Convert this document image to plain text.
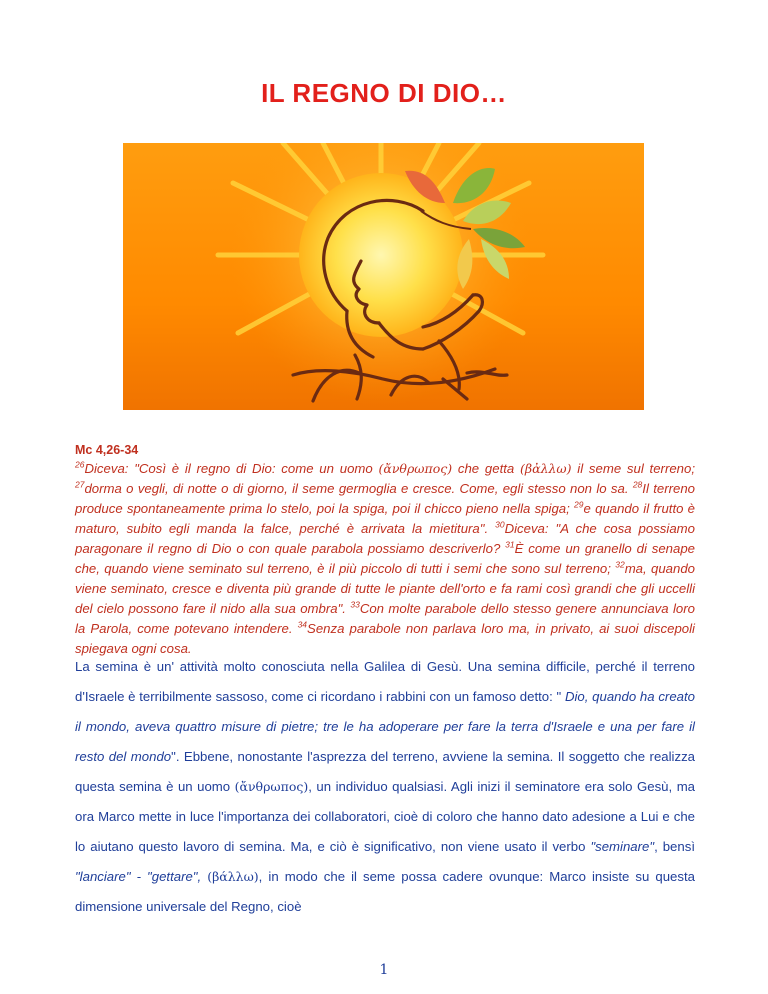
IL REGNO DI DIO…
Mc 4,26-34
$^{26}$Diceva: "Così è il regno di Dio: come un uomo (ἄνθρωπος) che getta (βἀλλω) il seme sul terreno; $^{27}$dorma o vegli, di notte o di giorno, il seme germoglia e cresce. Come, egli stesso non lo sa. $^{28}$Il terreno produce spontaneamente prima lo stelo, poi la spiga, poi il chicco pieno nella spiga; $^{29}$e quando il frutto è maturo, subito egli manda la falce, perché è arrivata la mietitura". $^{30}$Diceva: "A che cosa possiamo paragonare il regno di Dio o con quale parabola possiamo descriverlo? $^{31}$È come un granello di senape che, quando viene seminato sul terreno, è il più piccolo di tutti i semi che sono sul terreno; $^{32}$ma, quando viene seminato, cresce e diventa più grande di tutte le piante dell'orto e fa rami così grandi che gli uccelli del cielo possono fare il nido alla sua ombra". $^{33}$Con molte parabole dello stesso genere annunciava loro la Parola, come potevano intendere. $^{34}$Senza parabole non parlava loro ma, in privato, ai suoi discepoli spiegava ogni cosa.
La semina è un' attività molto conosciuta nella Galilea di Gesù. Una semina difficile, perché il terreno d'Israele è terribilmente sassoso, come ci ricordano i rabbini con un famoso detto: " Dio, quando ha creato il mondo, aveva quattro misure di pietre; tre le ha adoperare per fare la terra d'Israele e una per fare il resto del mondo". Ebbene, nonostante l'asprezza del terreno, avviene la semina. Il soggetto che realizza questa semina è un uomo (ἄνθρωπος), un individuo qualsiasi. Agli inizi il seminatore era solo Gesù, ma ora Marco mette in luce l'importanza dei collaboratori, cioè di coloro che hanno dato adesione a Lui e che lo aiutano questo lavoro di semina. Ma, e ciò è significativo, non viene usato il verbo "seminare", bensì "lanciare" - "gettare", (βάλλω), in modo che il seme possa cadere ovunque: Marco insiste su questa dimensione universale del Regno, cioè
1
